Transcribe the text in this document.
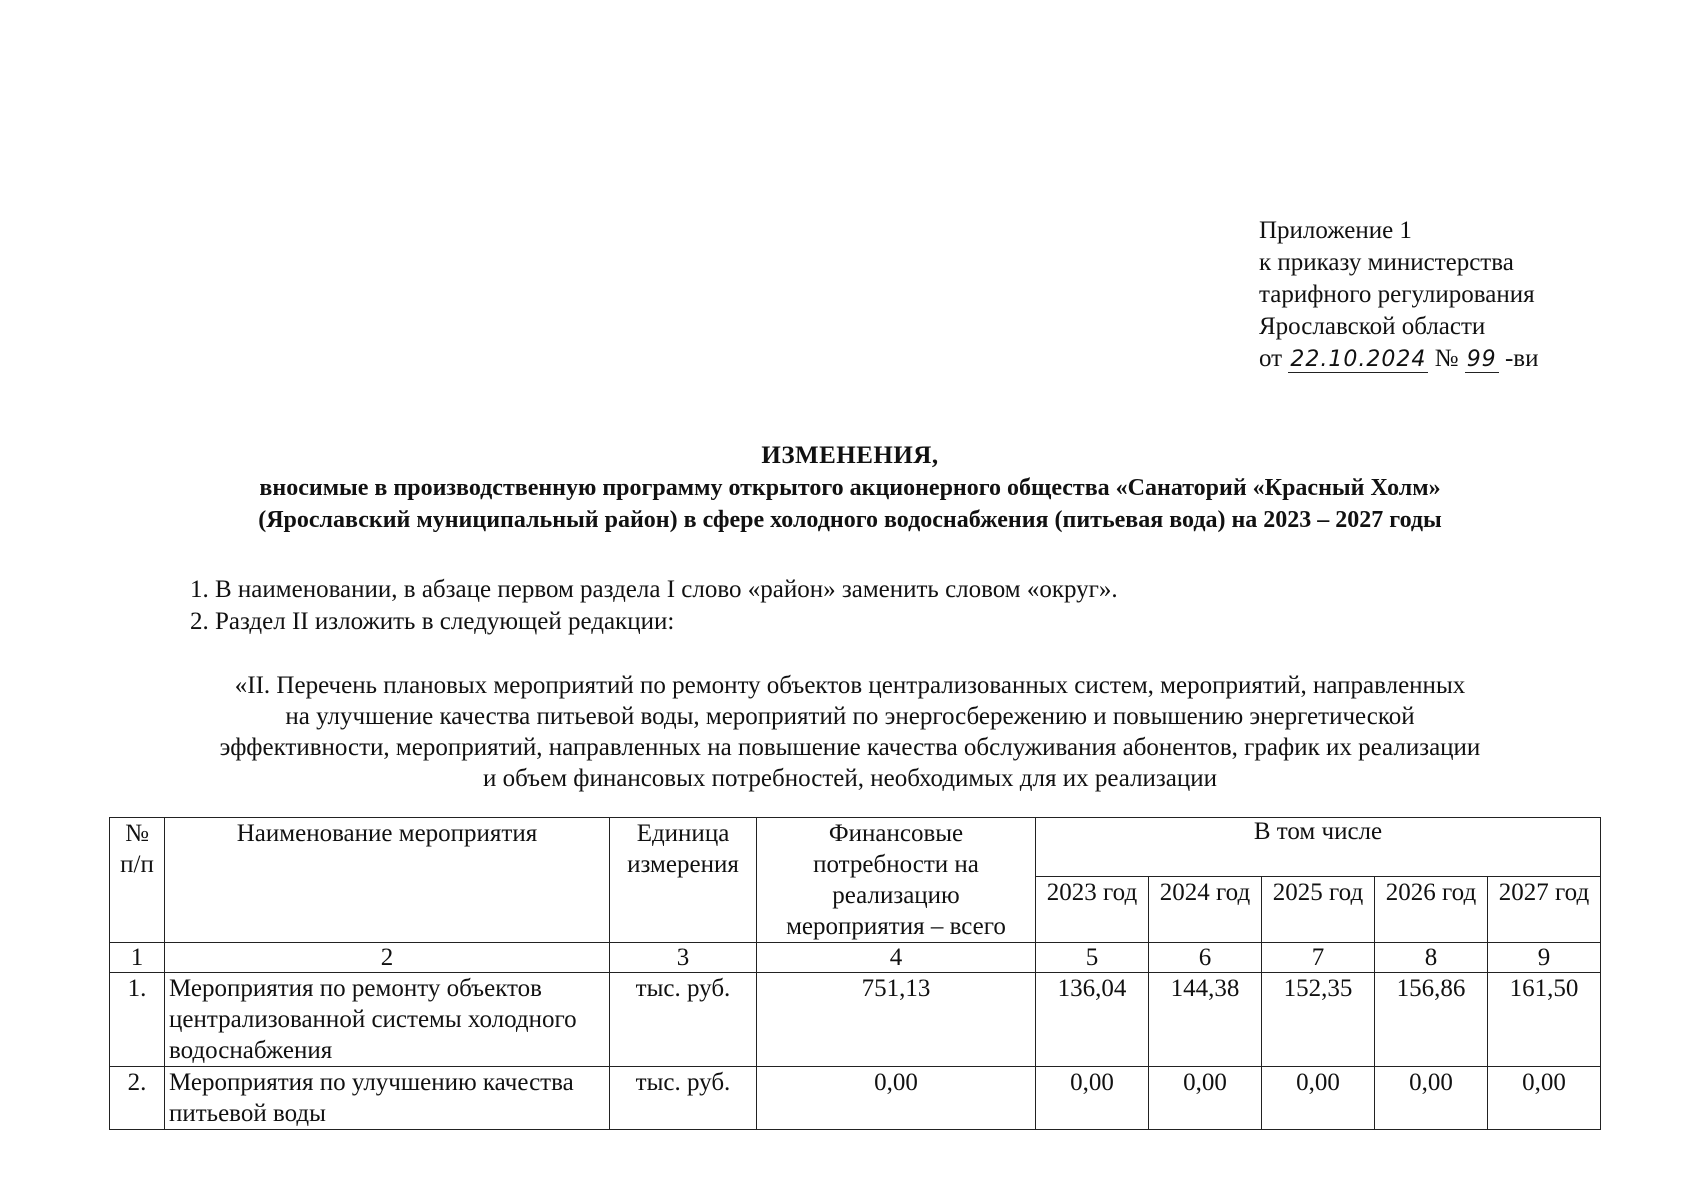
Приложение 1
к приказу министерства
тарифного регулирования
Ярославской области
от 22.10.2024 № 99 -ви
ИЗМЕНЕНИЯ,
вносимые в производственную программу открытого акционерного общества «Санаторий «Красный Холм»
(Ярославский муниципальный район) в сфере холодного водоснабжения (питьевая вода) на 2023 – 2027 годы
1. В наименовании, в абзаце первом раздела I слово «район» заменить словом «округ».
2. Раздел II изложить в следующей редакции:
«II. Перечень плановых мероприятий по ремонту объектов централизованных систем, мероприятий, направленных
на улучшение качества питьевой воды, мероприятий по энергосбережению и повышению энергетической
эффективности, мероприятий, направленных на повышение качества обслуживания абонентов, график их реализации
и объем финансовых потребностей, необходимых для их реализации
№ п/п	Наименование мероприятия	Единица измерения	Финансовые потребности на реализацию мероприятия – всего	В том числе				
				2023 год	2024 год	2025 год	2026 год	2027 год
1	2	3	4	5	6	7	8	9
1.	Мероприятия по ремонту объектов централизованной системы холодного водоснабжения	тыс. руб.	751,13	136,04	144,38	152,35	156,86	161,50
2.	Мероприятия по улучшению качества питьевой воды	тыс. руб.	0,00	0,00	0,00	0,00	0,00	0,00
